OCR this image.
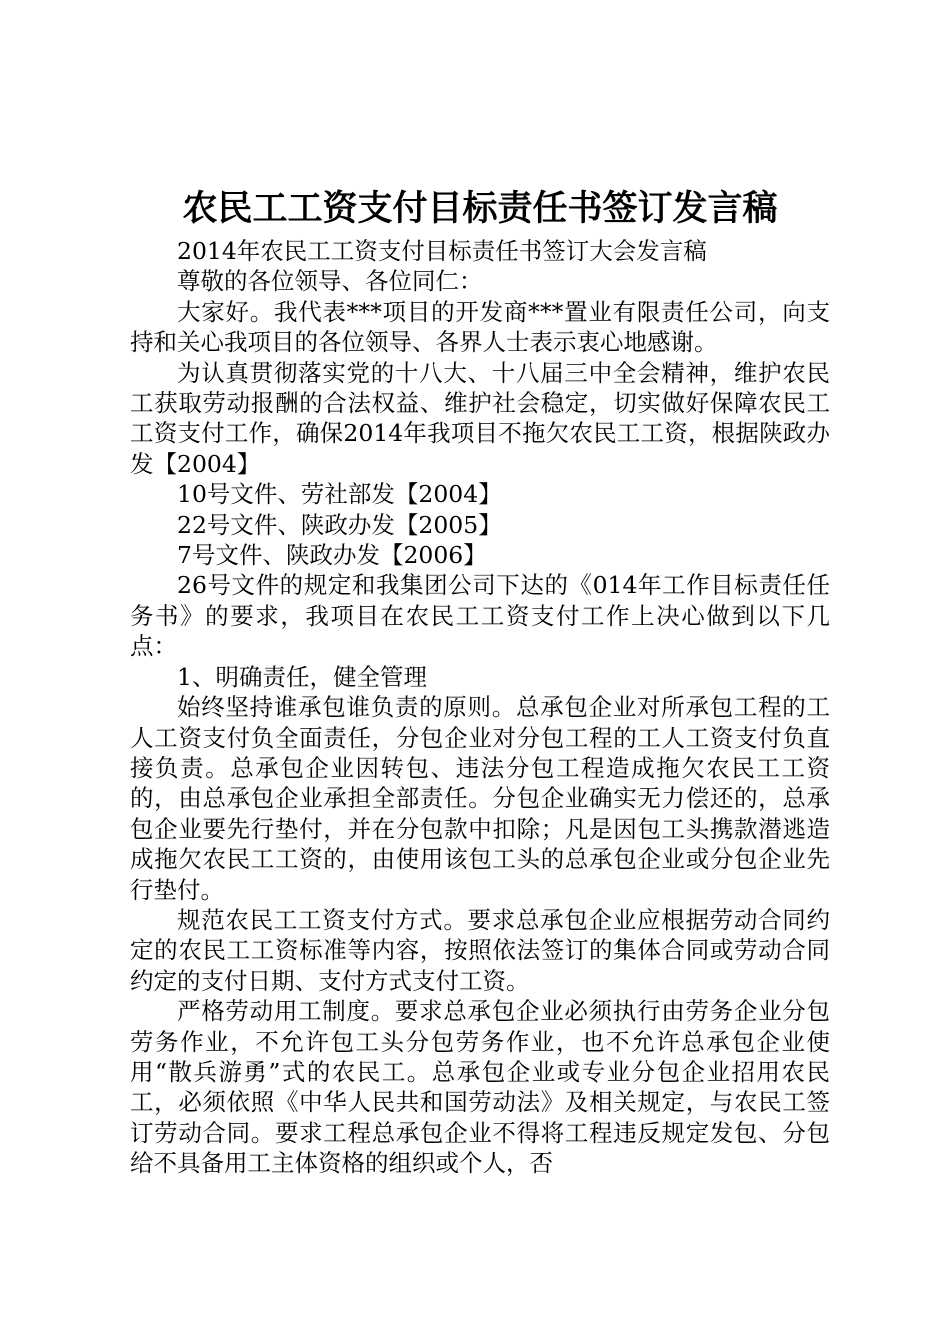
农民工工资支付目标责任书签订发言稿

2014年农民工工资支付目标责任书签订大会发言稿

尊敬的各位领导、各位同仁：

大家好。我代表***项目的开发商***置业有限责任公司，向支持和关心我项目的各位领导、各界人士表示衷心地感谢。

为认真贯彻落实党的十八大、十八届三中全会精神，维护农民工获取劳动报酬的合法权益、维护社会稳定，切实做好保障农民工工资支付工作，确保2014年我项目不拖欠农民工工资，根据陕政办发【2004】

10号文件、劳社部发【2004】

22号文件、陕政办发【2005】

7号文件、陕政办发【2006】

26号文件的规定和我集团公司下达的《014年工作目标责任任务书》的要求，我项目在农民工工资支付工作上决心做到以下几点：

1、明确责任，健全管理

始终坚持谁承包谁负责的原则。总承包企业对所承包工程的工人工资支付负全面责任，分包企业对分包工程的工人工资支付负直接负责。总承包企业因转包、违法分包工程造成拖欠农民工工资的，由总承包企业承担全部责任。分包企业确实无力偿还的，总承包企业要先行垫付，并在分包款中扣除；凡是因包工头携款潜逃造成拖欠农民工工资的，由使用该包工头的总承包企业或分包企业先行垫付。

规范农民工工资支付方式。要求总承包企业应根据劳动合同约定的农民工工资标准等内容，按照依法签订的集体合同或劳动合同约定的支付日期、支付方式支付工资。

严格劳动用工制度。要求总承包企业必须执行由劳务企业分包劳务作业，不允许包工头分包劳务作业，也不允许总承包企业使用“散兵游勇”式的农民工。总承包企业或专业分包企业招用农民工，必须依照《中华人民共和国劳动法》及相关规定，与农民工签订劳动合同。要求工程总承包企业不得将工程违反规定发包、分包给不具备用工主体资格的组织或个人，否
